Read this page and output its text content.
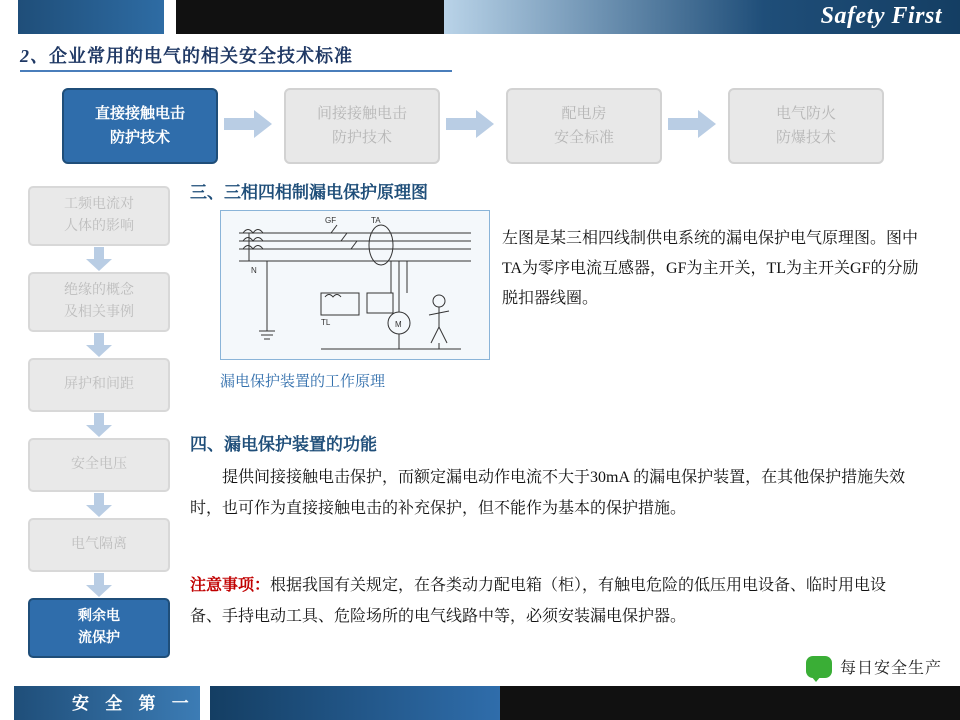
Safety First
2、企业常用的电气的相关安全技术标准
直接接触电击
防护技术
间接接触电击
防护技术
配电房
安全标准
电气防火
防爆技术
工频电流对
人体的影响
绝缘的概念
及相关事例
屏护和间距
安全电压
电气隔离
剩余电
流保护
三、三相四相制漏电保护原理图
GF	TA
N
TL	M
漏电保护装置的工作原理
左图是某三相四线制供电系统的漏电保护电气原理图。图中TA为零序电流互感器，GF为主开关，TL为主开关GF的分励脱扣器线圈。
四、漏电保护装置的功能
提供间接接触电击保护，而额定漏电动作电流不大于30mA 的漏电保护装置，在其他保护措施失效时，也可作为直接接触电击的补充保护，但不能作为基本的保护措施。
注意事项：根据我国有关规定，在各类动力配电箱（柜），有触电危险的低压用电设备、临时用电设备、手持电动工具、危险场所的电气线路中等，必须安装漏电保护器。
每日安全生产
安 全 第 一
